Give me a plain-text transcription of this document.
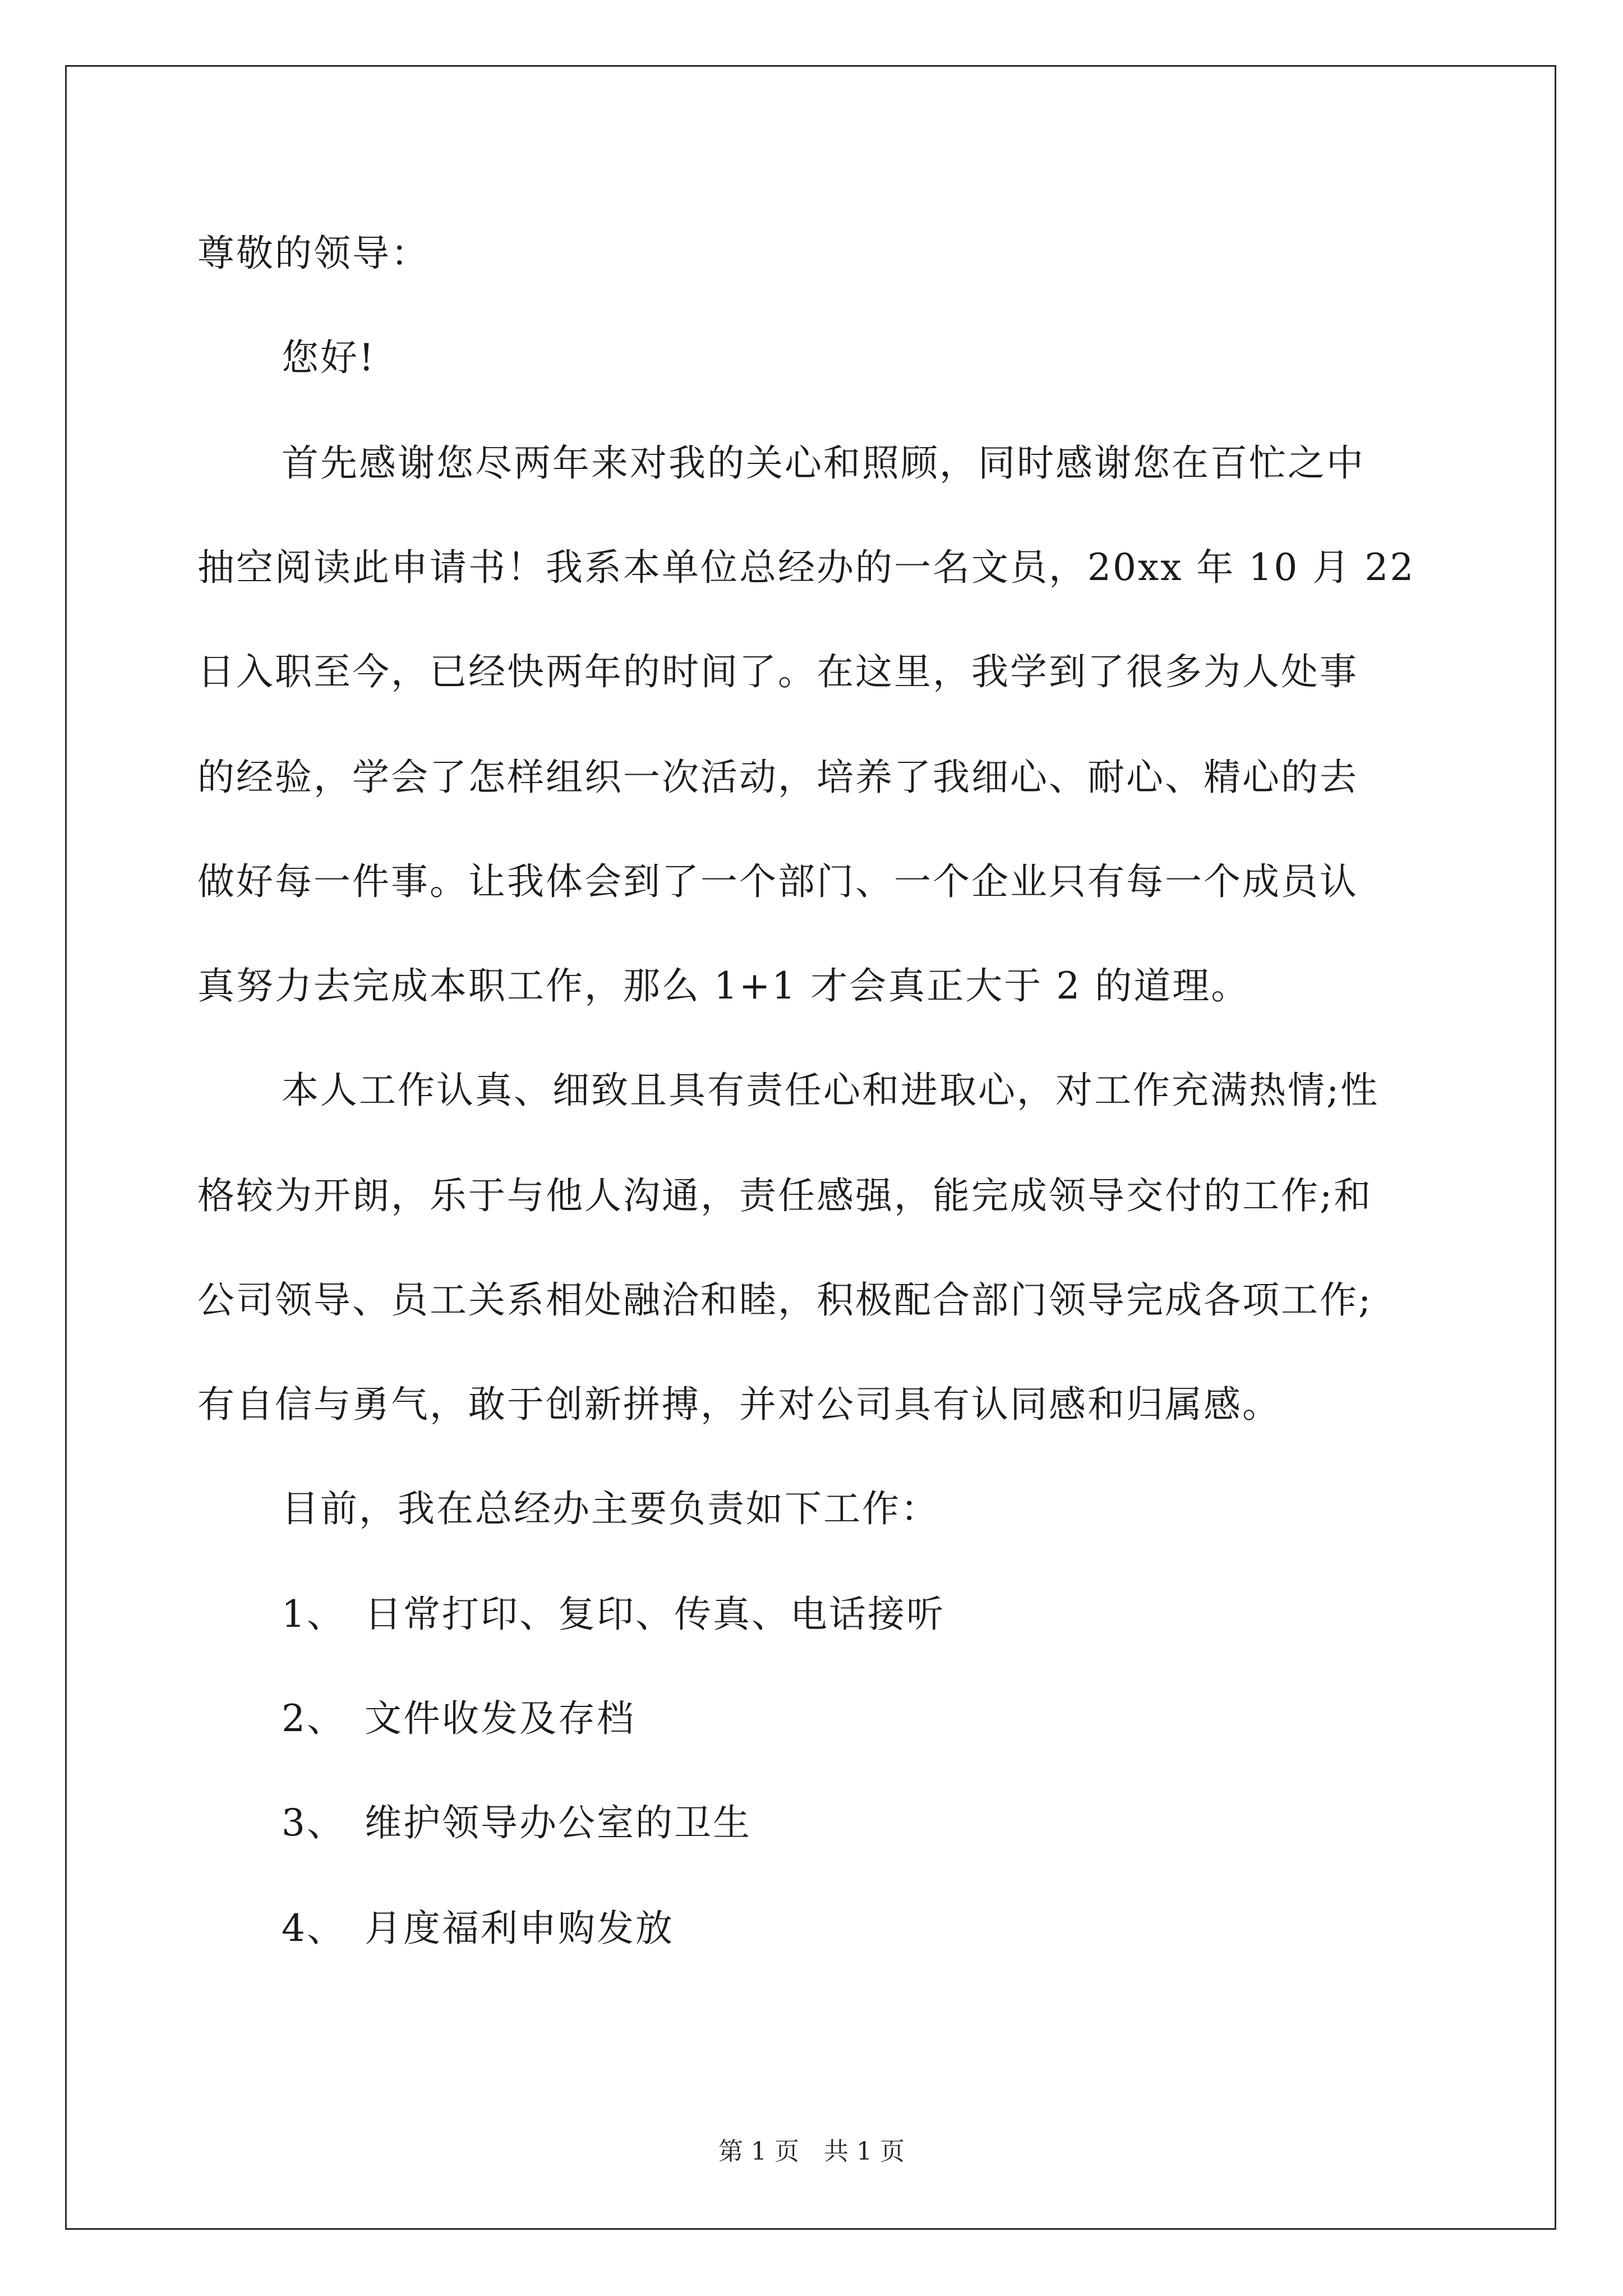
尊敬的领导：
您好!
首先感谢您尽两年来对我的关心和照顾，同时感谢您在百忙之中
抽空阅读此申请书！我系本单位总经办的一名文员，20xx 年 10 月 22
日入职至今，已经快两年的时间了。在这里，我学到了很多为人处事
的经验，学会了怎样组织一次活动，培养了我细心、耐心、精心的去
做好每一件事。让我体会到了一个部门、一个企业只有每一个成员认
真努力去完成本职工作，那么 1+1 才会真正大于 2 的道理。
本人工作认真、细致且具有责任心和进取心，对工作充满热情;性
格较为开朗，乐于与他人沟通，责任感强，能完成领导交付的工作;和
公司领导、员工关系相处融洽和睦，积极配合部门领导完成各项工作;
有自信与勇气，敢于创新拼搏，并对公司具有认同感和归属感。
目前，我在总经办主要负责如下工作：
1、 日常打印、复印、传真、电话接听
2、 文件收发及存档
3、 维护领导办公室的卫生
4、 月度福利申购发放
第 1 页 共 1 页
